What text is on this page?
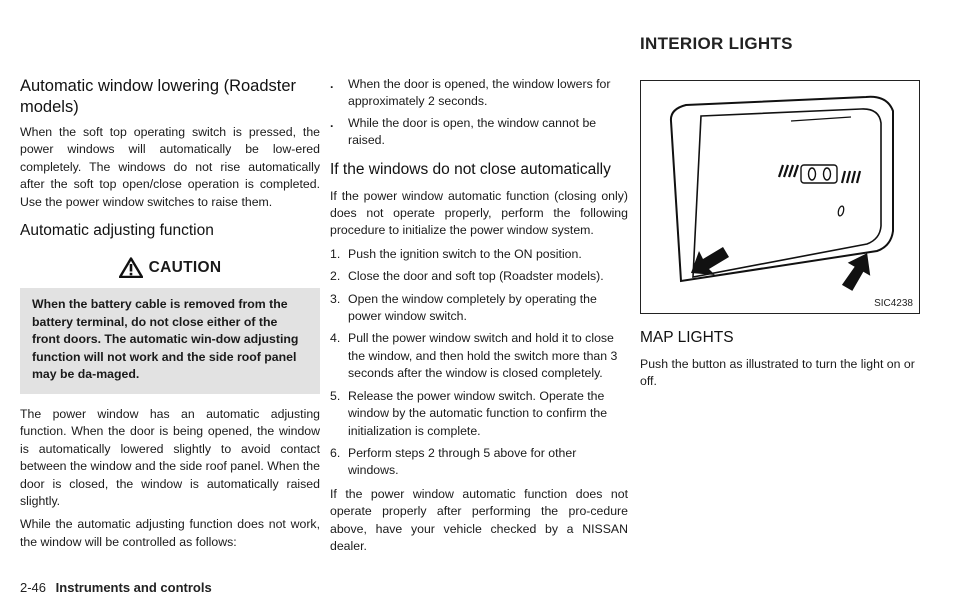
INTERIOR LIGHTS
Automatic window lowering (Roadster models)

When the soft top operating switch is pressed, the power windows will automatically be low-ered completely. The windows do not rise automatically after the soft top open/close operation is completed. Use the power window switches to raise them.

Automatic adjusting function
CAUTION
When the battery cable is removed from the battery terminal, do not close either of the front doors. The automatic win-dow adjusting function will not work and the side roof panel may be da-maged.

The power window has an automatic adjusting function. When the door is being opened, the window is automatically lowered slightly to avoid contact between the window and the side roof panel. When the door is closed, the window is automatically raised slightly.

While the automatic adjusting function does not work, the window will be controlled as follows:

. When the door is opened, the window lowers for approximately 2 seconds.
. While the door is open, the window cannot be raised.
If the windows do not close automatically

If the power window automatic function (closing only) does not operate properly, perform the following procedure to initialize the power window system.

1. Push the ignition switch to the ON position.
2. Close the door and soft top (Roadster models).
3. Open the window completely by operating the power window switch.
4. Pull the power window switch and hold it to close the window, and then hold the switch more than 3 seconds after the window is closed completely.
5. Release the power window switch. Operate the window by the automatic function to confirm the initialization is complete.
6. Perform steps 2 through 5 above for other windows.

If the power window automatic function does not operate properly after performing the pro-cedure above, have your vehicle checked by a NISSAN dealer.

SIC4238
MAP LIGHTS

Push the button as illustrated to turn the light on or off.

2-46 Instruments and controls
